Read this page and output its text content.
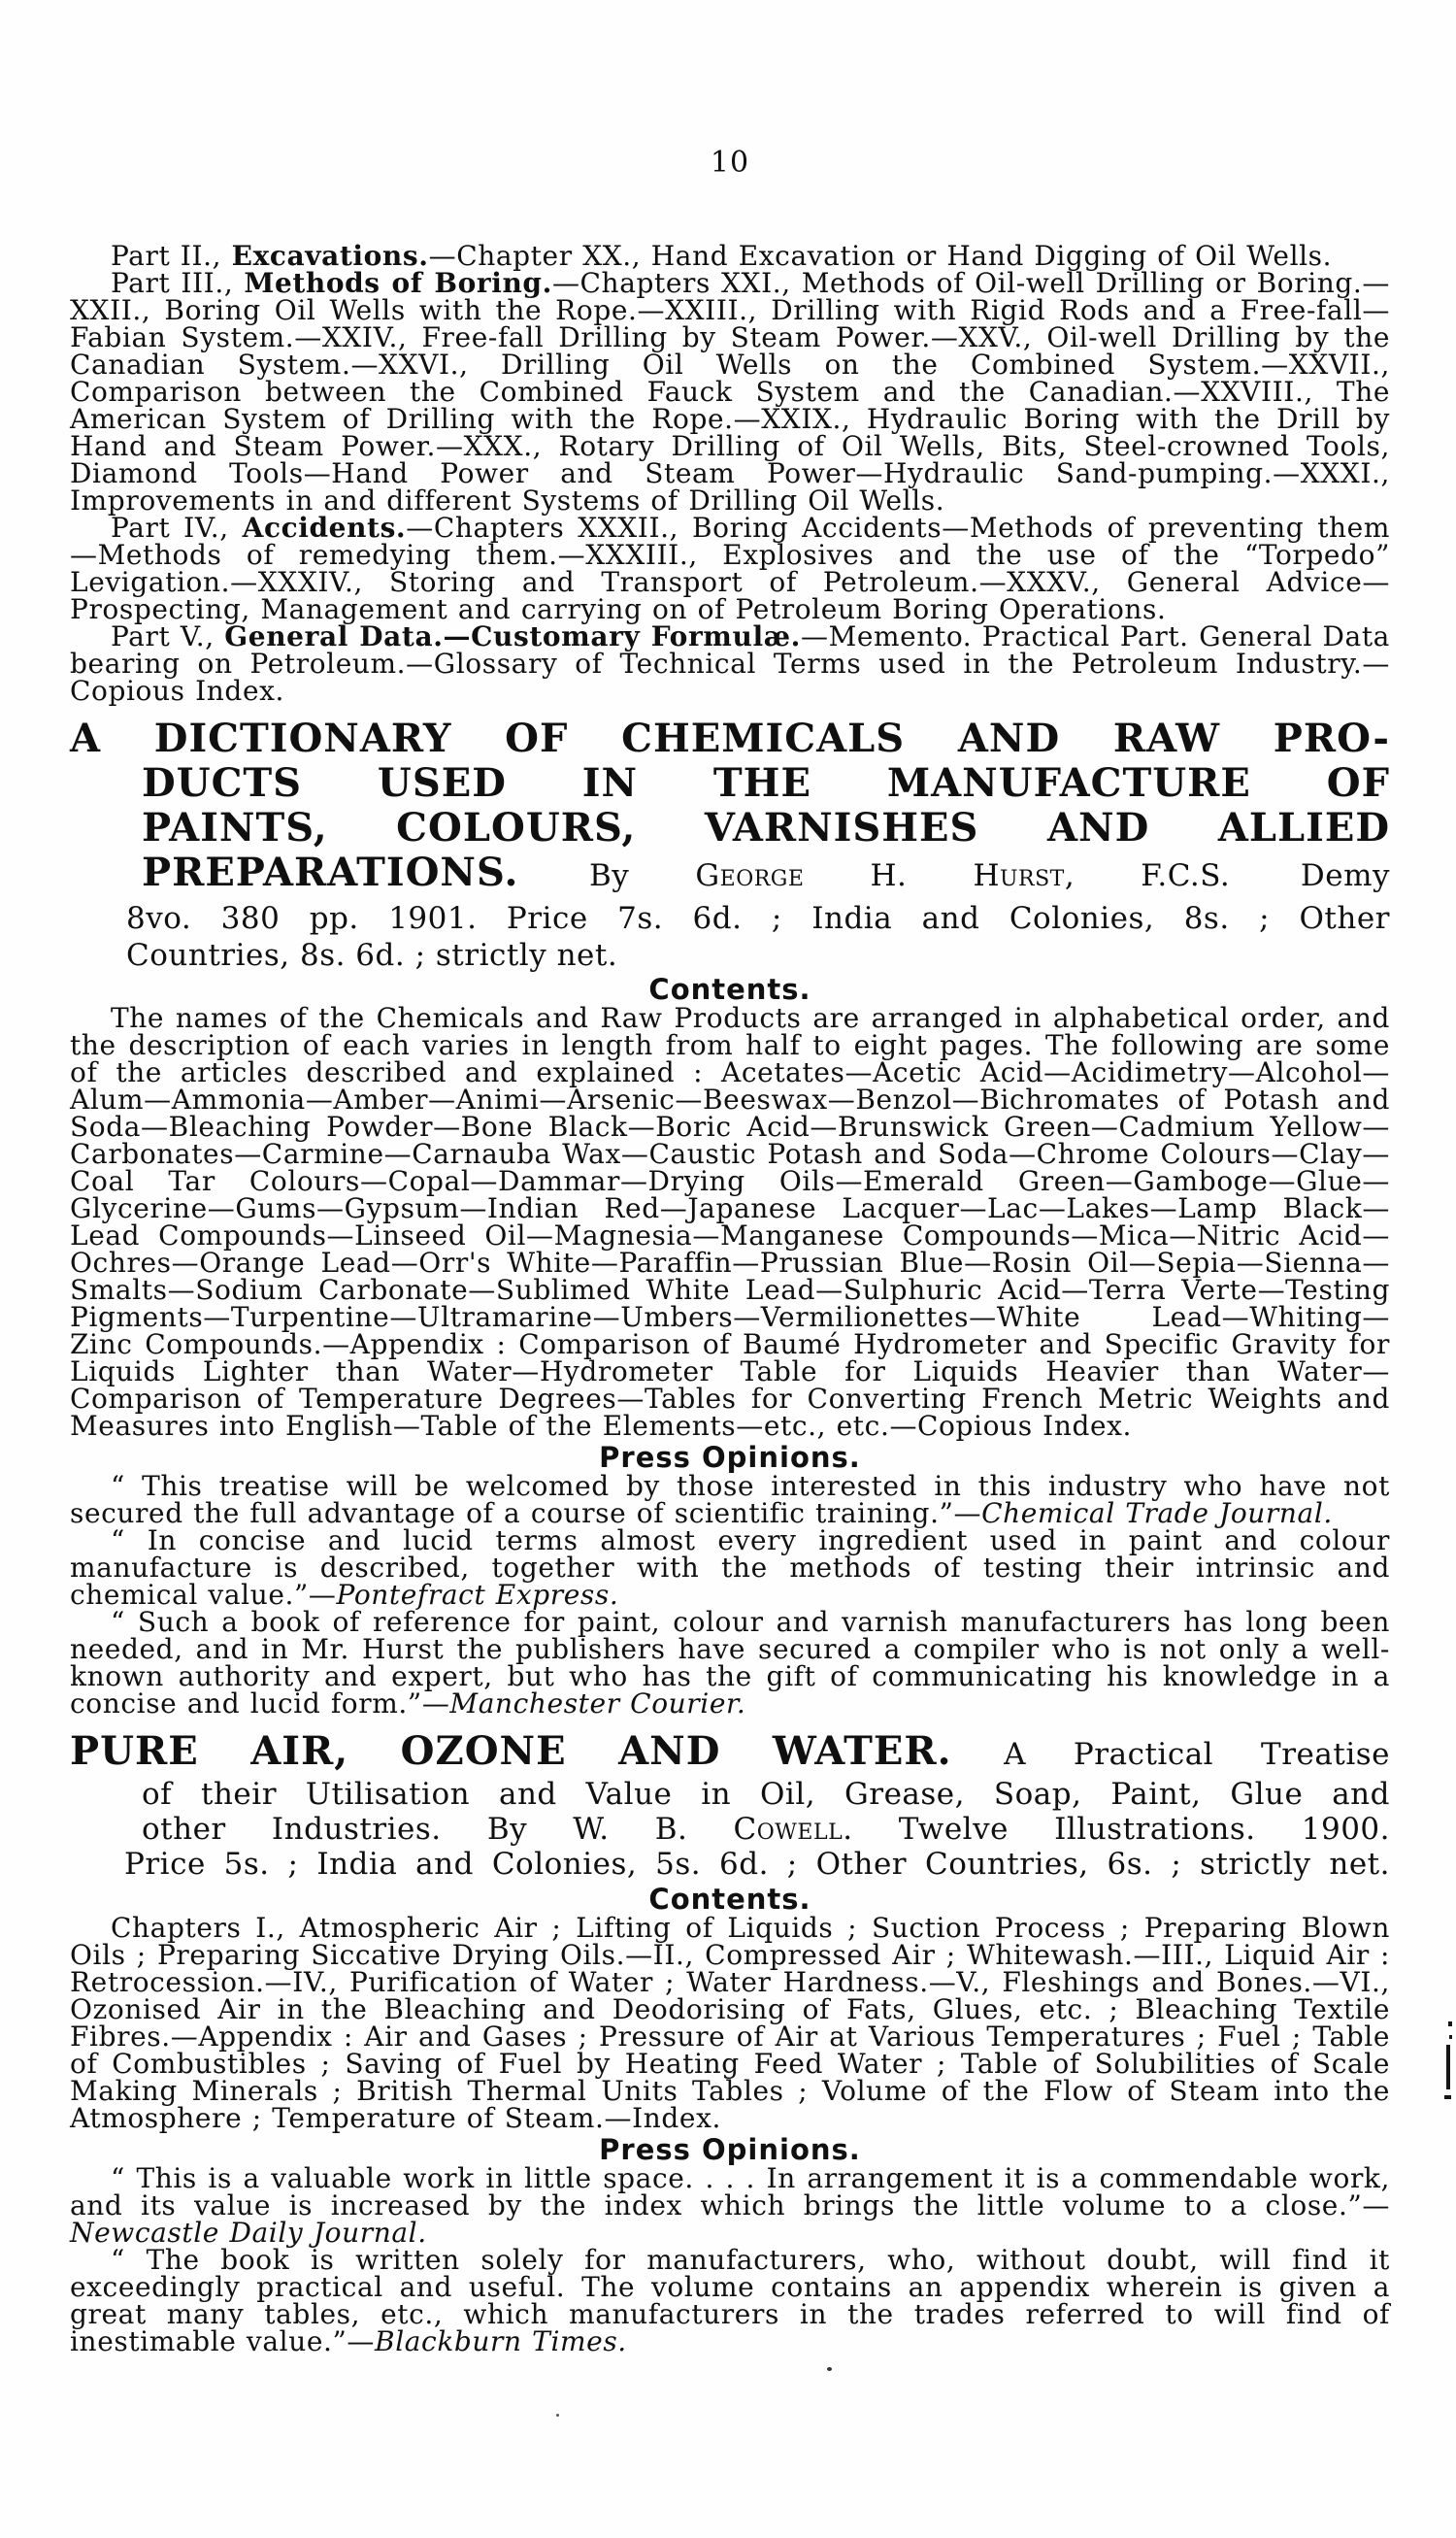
10

Part II., Excavations.—Chapter XX., Hand Excavation or Hand Digging of Oil Wells.

Part III., Methods of Boring.—Chapters XXI., Methods of Oil-well Drilling or Boring.—XXII., Boring Oil Wells with the Rope.—XXIII., Drilling with Rigid Rods and a Free-fall—Fabian System.—XXIV., Free-fall Drilling by Steam Power.—XXV., Oil-well Drilling by the Canadian System.—XXVI., Drilling Oil Wells on the Combined System.—XXVII., Comparison between the Combined Fauck System and the Canadian.—XXVIII., The American System of Drilling with the Rope.—XXIX., Hydraulic Boring with the Drill by Hand and Steam Power.—XXX., Rotary Drilling of Oil Wells, Bits, Steel-crowned Tools, Diamond Tools—Hand Power and Steam Power—Hydraulic Sand-pumping.—XXXI., Improvements in and different Systems of Drilling Oil Wells.

Part IV., Accidents.—Chapters XXXII., Boring Accidents—Methods of preventing them—Methods of remedying them.—XXXIII., Explosives and the use of the “Torpedo” Levigation.—XXXIV., Storing and Transport of Petroleum.—XXXV., General Advice—Prospecting, Management and carrying on of Petroleum Boring Operations.

Part V., General Data.—Customary Formulæ.—Memento. Practical Part. General Data bearing on Petroleum.—Glossary of Technical Terms used in the Petroleum Industry.—Copious Index.

A DICTIONARY OF CHEMICALS AND RAW PRO-
DUCTS USED IN THE MANUFACTURE OF
PAINTS, COLOURS, VARNISHES AND ALLIED
PREPARATIONS. By George H. Hurst, F.C.S. Demy
8vo. 380 pp. 1901. Price 7s. 6d. ; India and Colonies, 8s. ; Other
Countries, 8s. 6d. ; strictly net.
Contents.

The names of the Chemicals and Raw Products are arranged in alphabetical order, and the description of each varies in length from half to eight pages. The following are some of the articles described and explained : Acetates—Acetic Acid—Acidimetry—Alcohol—Alum—Ammonia—Amber—Animi—Arsenic—Beeswax—Benzol—Bichromates of Potash and Soda—Bleaching Powder—Bone Black—Boric Acid—Brunswick Green—Cadmium Yellow—Carbonates—Carmine—Carnauba Wax—Caustic Potash and Soda—Chrome Colours—Clay—Coal Tar Colours—Copal—Dammar—Drying Oils—Emerald Green—Gamboge—Glue—Glycerine—Gums—Gypsum—Indian Red—Japanese Lacquer—Lac—Lakes—Lamp Black—Lead Compounds—Linseed Oil—Magnesia—Manganese Compounds—Mica—Nitric Acid—Ochres—Orange Lead—Orr's White—Paraffin—Prussian Blue—Rosin Oil—Sepia—Sienna—Smalts—Sodium Carbonate—Sublimed White Lead—Sulphuric Acid—Terra Verte—Testing Pigments—Turpentine—Ultramarine—Umbers—Vermilionettes—White Lead—Whiting—Zinc Compounds.—Appendix : Comparison of Baumé Hydrometer and Specific Gravity for Liquids Lighter than Water—Hydrometer Table for Liquids Heavier than Water—Comparison of Temperature Degrees—Tables for Converting French Metric Weights and Measures into English—Table of the Elements—etc., etc.—Copious Index.

Press Opinions.

“ This treatise will be welcomed by those interested in this industry who have not secured the full advantage of a course of scientific training.”—Chemical Trade Journal.

“ In concise and lucid terms almost every ingredient used in paint and colour manufacture is described, together with the methods of testing their intrinsic and chemical value.”—Pontefract Express.

“ Such a book of reference for paint, colour and varnish manufacturers has long been needed, and in Mr. Hurst the publishers have secured a compiler who is not only a well-known authority and expert, but who has the gift of communicating his knowledge in a concise and lucid form.”—Manchester Courier.

PURE AIR, OZONE AND WATER. A Practical Treatise
of their Utilisation and Value in Oil, Grease, Soap, Paint, Glue and
other Industries. By W. B. Cowell. Twelve Illustrations. 1900.
Price 5s. ; India and Colonies, 5s. 6d. ; Other Countries, 6s. ; strictly net.
Contents.

Chapters I., Atmospheric Air ; Lifting of Liquids ; Suction Process ; Preparing Blown Oils ; Preparing Siccative Drying Oils.—II., Compressed Air ; Whitewash.—III., Liquid Air : Retrocession.—IV., Purification of Water ; Water Hardness.—V., Fleshings and Bones.—VI., Ozonised Air in the Bleaching and Deodorising of Fats, Glues, etc. ; Bleaching Textile Fibres.—Appendix : Air and Gases ; Pressure of Air at Various Temperatures ; Fuel ; Table of Combustibles ; Saving of Fuel by Heating Feed Water ; Table of Solubilities of Scale Making Minerals ; British Thermal Units Tables ; Volume of the Flow of Steam into the Atmosphere ; Temperature of Steam.—Index.

Press Opinions.

“ This is a valuable work in little space. . . . In arrangement it is a commendable work, and its value is increased by the index which brings the little volume to a close.”—Newcastle Daily Journal.

“ The book is written solely for manufacturers, who, without doubt, will find it exceedingly practical and useful. The volume contains an appendix wherein is given a great many tables, etc., which manufacturers in the trades referred to will find of inestimable value.”—Blackburn Times.
